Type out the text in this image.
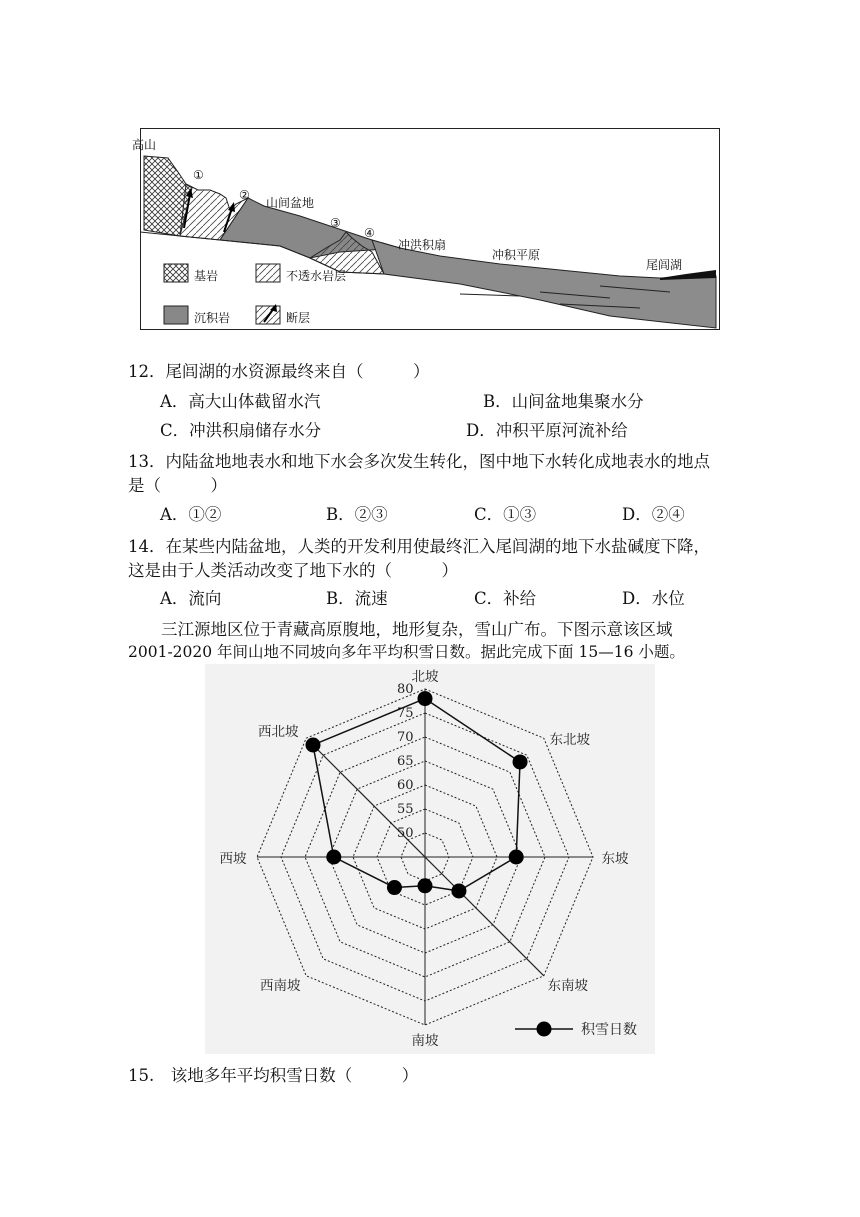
高山
①
②
山间盆地
③
④
冲洪积扇
冲积平原
尾闾湖
基岩	不透水岩层
沉积岩	断层
12．尾闾湖的水资源最终来自（　　　）
A．高大山体截留水汽	B．山间盆地集聚水分
C．冲洪积扇储存水分	D．冲积平原河流补给
13．内陆盆地地表水和地下水会多次发生转化，图中地下水转化成地表水的地点
是（　　　）
A．①②	B．②③	C．①③	D．②④
14．在某些内陆盆地，人类的开发利用使最终汇入尾闾湖的地下水盐碱度下降，
这是由于人类活动改变了地下水的（　　　）
A．流向	B．流速	C．补给	D．水位
　　三江源地区位于青藏高原腹地，地形复杂，雪山广布。下图示意该区域
2001-2020 年间山地不同坡向多年平均积雪日数。据此完成下面 15—16 小题。
50
55
60
65
70
75
80
北坡
东北坡
东坡
东南坡
南坡
西南坡
西坡
西北坡
积雪日数
15.　该地多年平均积雪日数（　　　）
